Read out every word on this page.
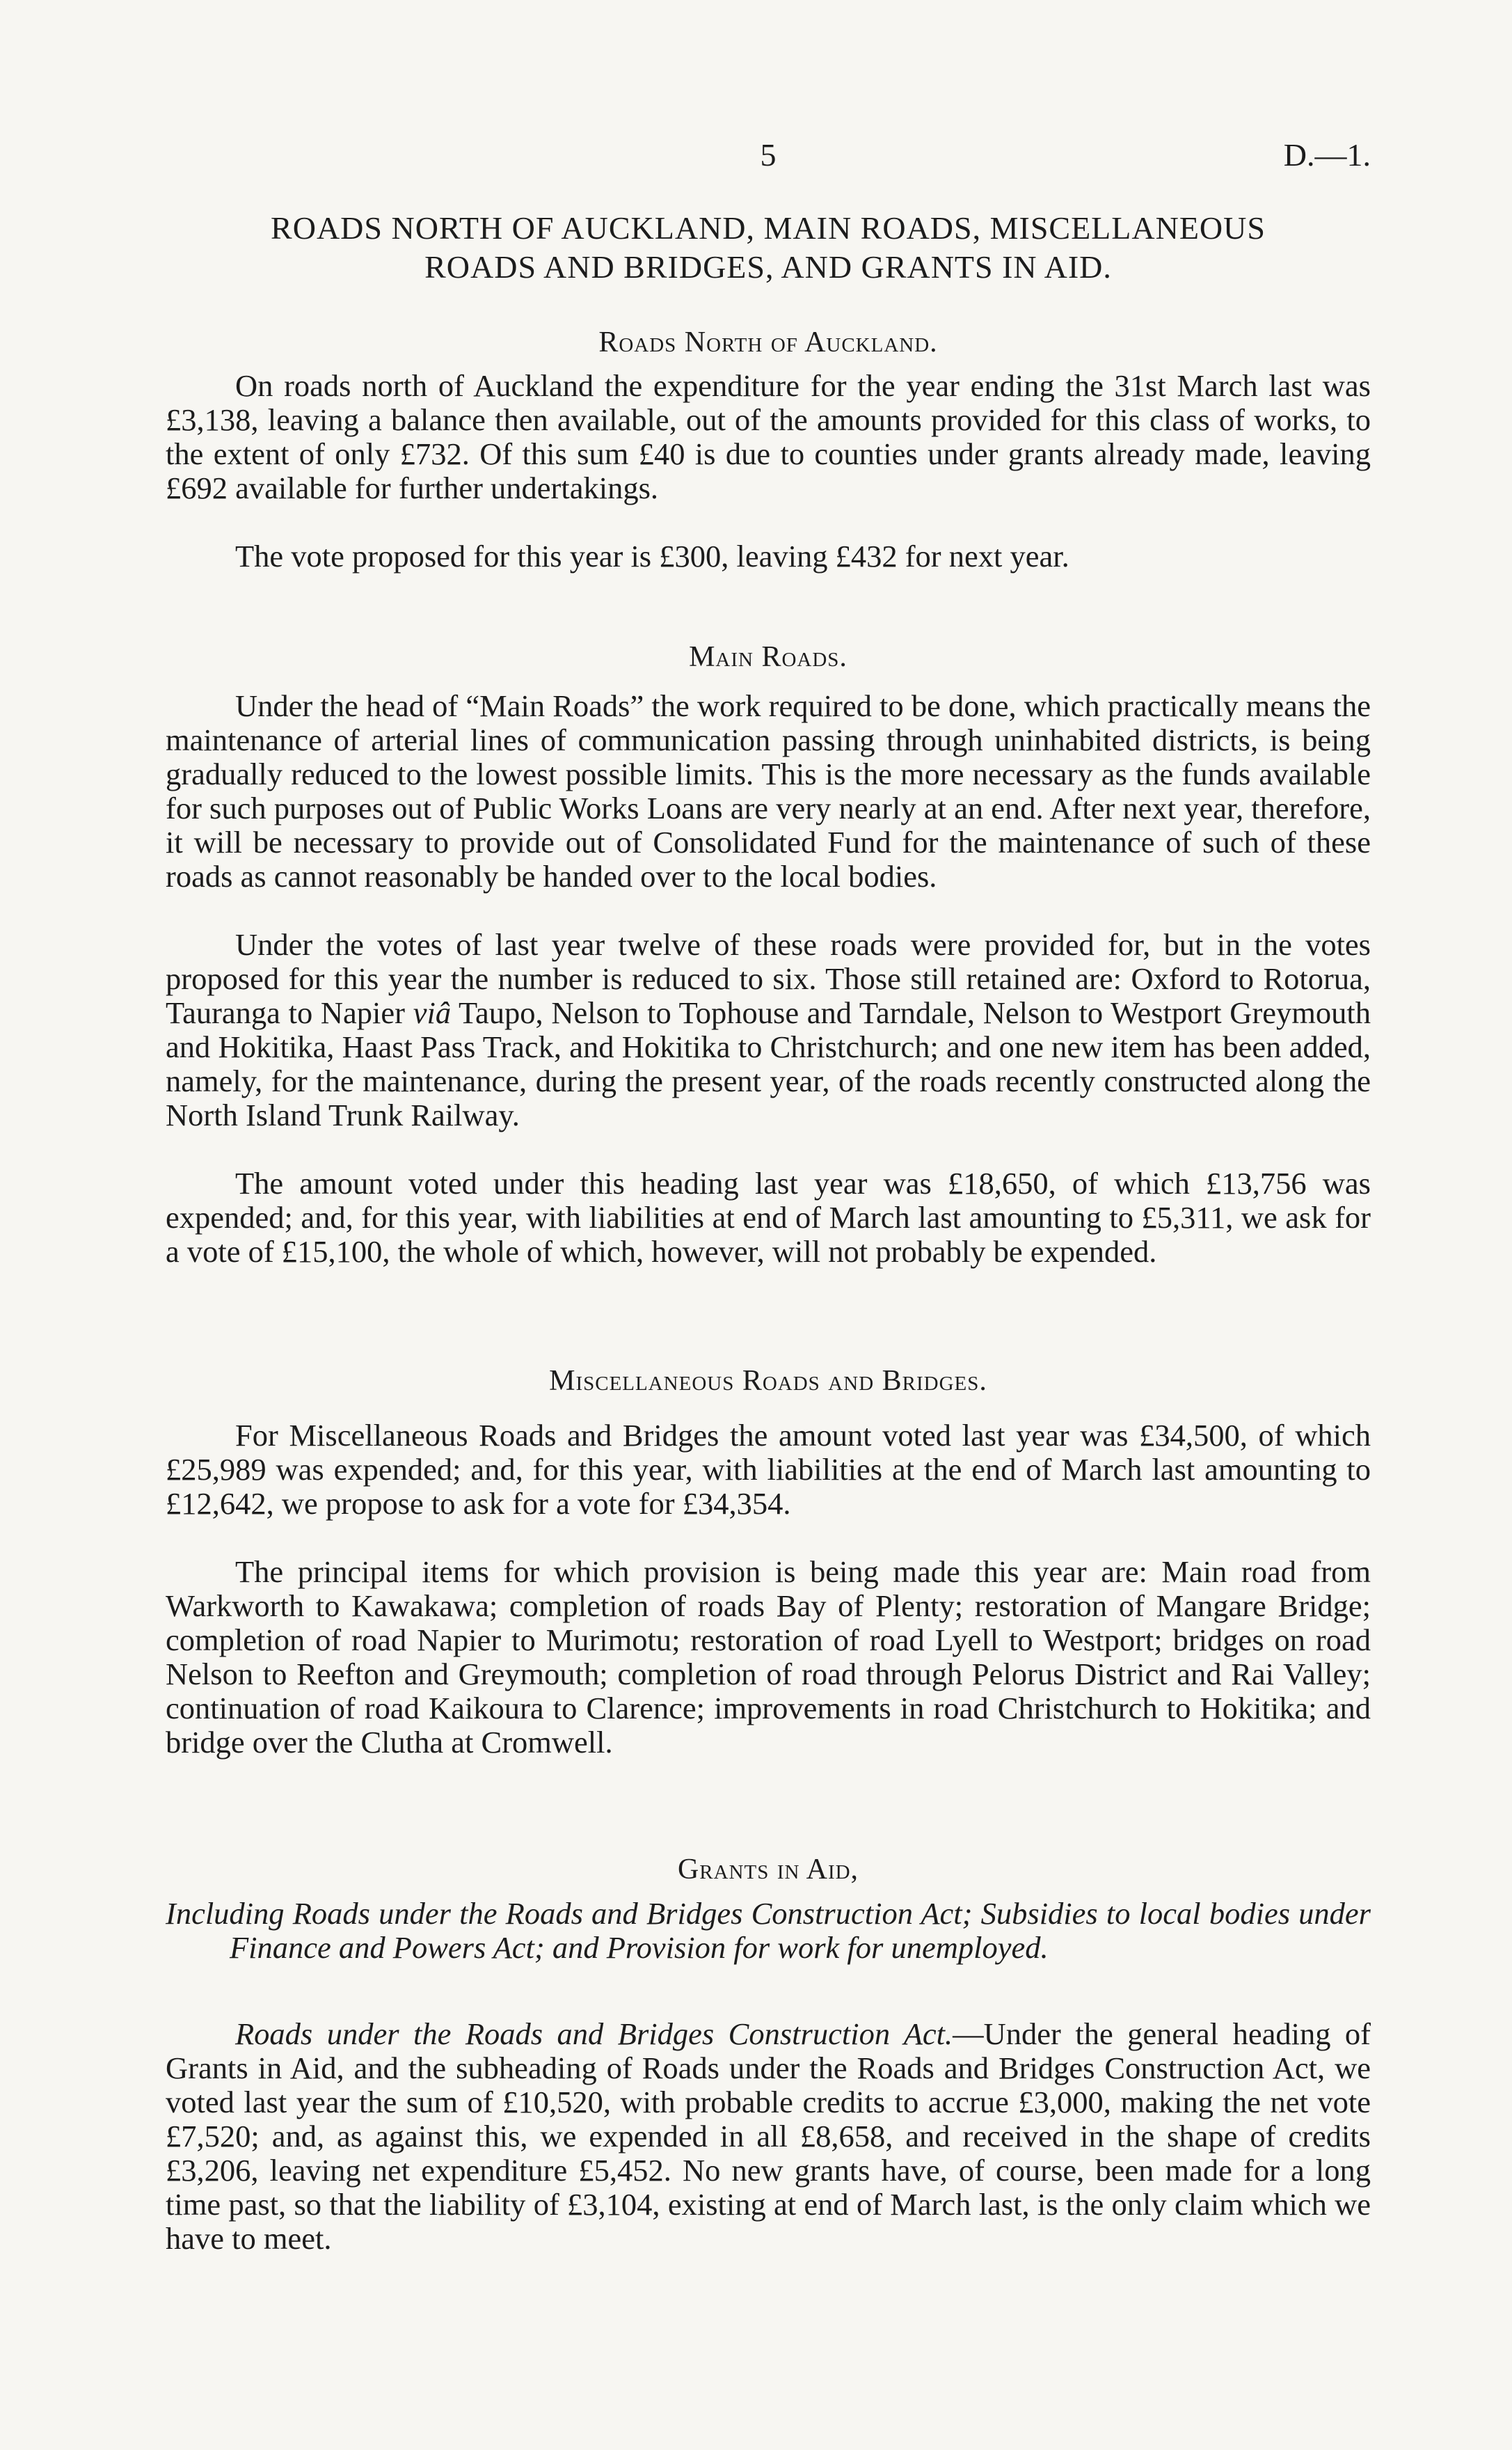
5	D.—1.
ROADS NORTH OF AUCKLAND, MAIN ROADS, MISCELLANEOUS
ROADS AND BRIDGES, AND GRANTS IN AID.
Roads North of Auckland.

On roads north of Auckland the expenditure for the year ending the 31st March last was £3,138, leaving a balance then available, out of the amounts provided for this class of works, to the extent of only £732. Of this sum £40 is due to counties under grants already made, leaving £692 available for further undertakings.

The vote proposed for this year is £300, leaving £432 for next year.

Main Roads.

Under the head of “Main Roads” the work required to be done, which practically means the maintenance of arterial lines of communication passing through uninhabited districts, is being gradually reduced to the lowest possible limits. This is the more necessary as the funds available for such purposes out of Public Works Loans are very nearly at an end. After next year, therefore, it will be necessary to provide out of Consolidated Fund for the maintenance of such of these roads as cannot reasonably be handed over to the local bodies.

Under the votes of last year twelve of these roads were provided for, but in the votes proposed for this year the number is reduced to six. Those still retained are: Oxford to Rotorua, Tauranga to Napier viâ Taupo, Nelson to Tophouse and Tarndale, Nelson to Westport Greymouth and Hokitika, Haast Pass Track, and Hokitika to Christchurch; and one new item has been added, namely, for the maintenance, during the present year, of the roads recently constructed along the North Island Trunk Railway.

The amount voted under this heading last year was £18,650, of which £13,756 was expended; and, for this year, with liabilities at end of March last amounting to £5,311, we ask for a vote of £15,100, the whole of which, however, will not probably be expended.

Miscellaneous Roads and Bridges.

For Miscellaneous Roads and Bridges the amount voted last year was £34,500, of which £25,989 was expended; and, for this year, with liabilities at the end of March last amounting to £12,642, we propose to ask for a vote for £34,354.

The principal items for which provision is being made this year are: Main road from Warkworth to Kawakawa; completion of roads Bay of Plenty; restoration of Mangare Bridge; completion of road Napier to Murimotu; restoration of road Lyell to Westport; bridges on road Nelson to Reefton and Greymouth; completion of road through Pelorus District and Rai Valley; continuation of road Kaikoura to Clarence; improvements in road Christchurch to Hokitika; and bridge over the Clutha at Cromwell.

Grants in Aid,

Including Roads under the Roads and Bridges Construction Act; Subsidies to local bodies under Finance and Powers Act; and Provision for work for unemployed.

Roads under the Roads and Bridges Construction Act.—Under the general heading of Grants in Aid, and the subheading of Roads under the Roads and Bridges Construction Act, we voted last year the sum of £10,520, with probable credits to accrue £3,000, making the net vote £7,520; and, as against this, we expended in all £8,658, and received in the shape of credits £3,206, leaving net expenditure £5,452. No new grants have, of course, been made for a long time past, so that the liability of £3,104, existing at end of March last, is the only claim which we have to meet.
